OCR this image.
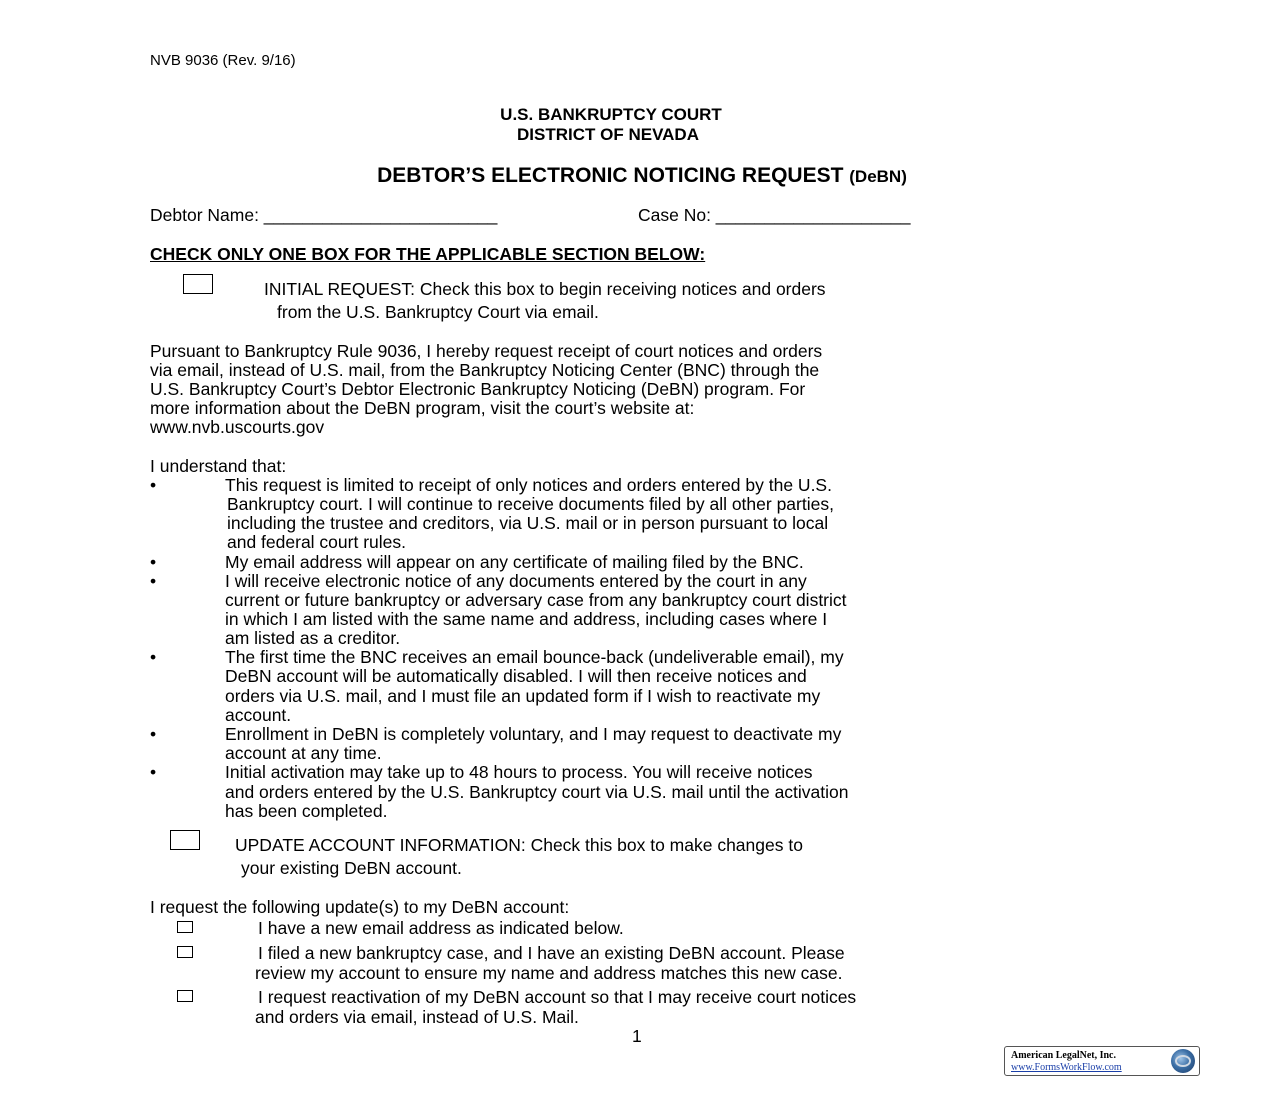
NVB 9036 (Rev. 9/16)
U.S. BANKRUPTCY COURT
DISTRICT OF NEVADA
DEBTOR’S ELECTRONIC NOTICING REQUEST (DeBN)
Debtor Name: ________________________	Case No: ____________________
CHECK ONLY ONE BOX FOR THE APPLICABLE SECTION BELOW:
INITIAL REQUEST: Check this box to begin receiving notices and orders
from the U.S. Bankruptcy Court via email.
Pursuant to Bankruptcy Rule 9036, I hereby request receipt of court notices and orders
via email, instead of U.S. mail, from the Bankruptcy Noticing Center (BNC) through the
U.S. Bankruptcy Court’s Debtor Electronic Bankruptcy Noticing (DeBN) program. For
more information about the DeBN program, visit the court’s website at:
www.nvb.uscourts.gov
I understand that:
•	This request is limited to receipt of only notices and orders entered by the U.S.
Bankruptcy court. I will continue to receive documents filed by all other parties,
including the trustee and creditors, via U.S. mail or in person pursuant to local
and federal court rules.
•	My email address will appear on any certificate of mailing filed by the BNC.
•	I will receive electronic notice of any documents entered by the court in any
current or future bankruptcy or adversary case from any bankruptcy court district
in which I am listed with the same name and address, including cases where I
am listed as a creditor.
•	The first time the BNC receives an email bounce-back (undeliverable email), my
DeBN account will be automatically disabled. I will then receive notices and
orders via U.S. mail, and I must file an updated form if I wish to reactivate my
account.
•	Enrollment in DeBN is completely voluntary, and I may request to deactivate my
account at any time.
•	Initial activation may take up to 48 hours to process. You will receive notices
and orders entered by the U.S. Bankruptcy court via U.S. mail until the activation
has been completed.
UPDATE ACCOUNT INFORMATION: Check this box to make changes to
your existing DeBN account.
I request the following update(s) to my DeBN account:
I have a new email address as indicated below.
I filed a new bankruptcy case, and I have an existing DeBN account. Please
review my account to ensure my name and address matches this new case.
I request reactivation of my DeBN account so that I may receive court notices
and orders via email, instead of U.S. Mail.
1
American LegalNet, Inc.
www.FormsWorkFlow.com
